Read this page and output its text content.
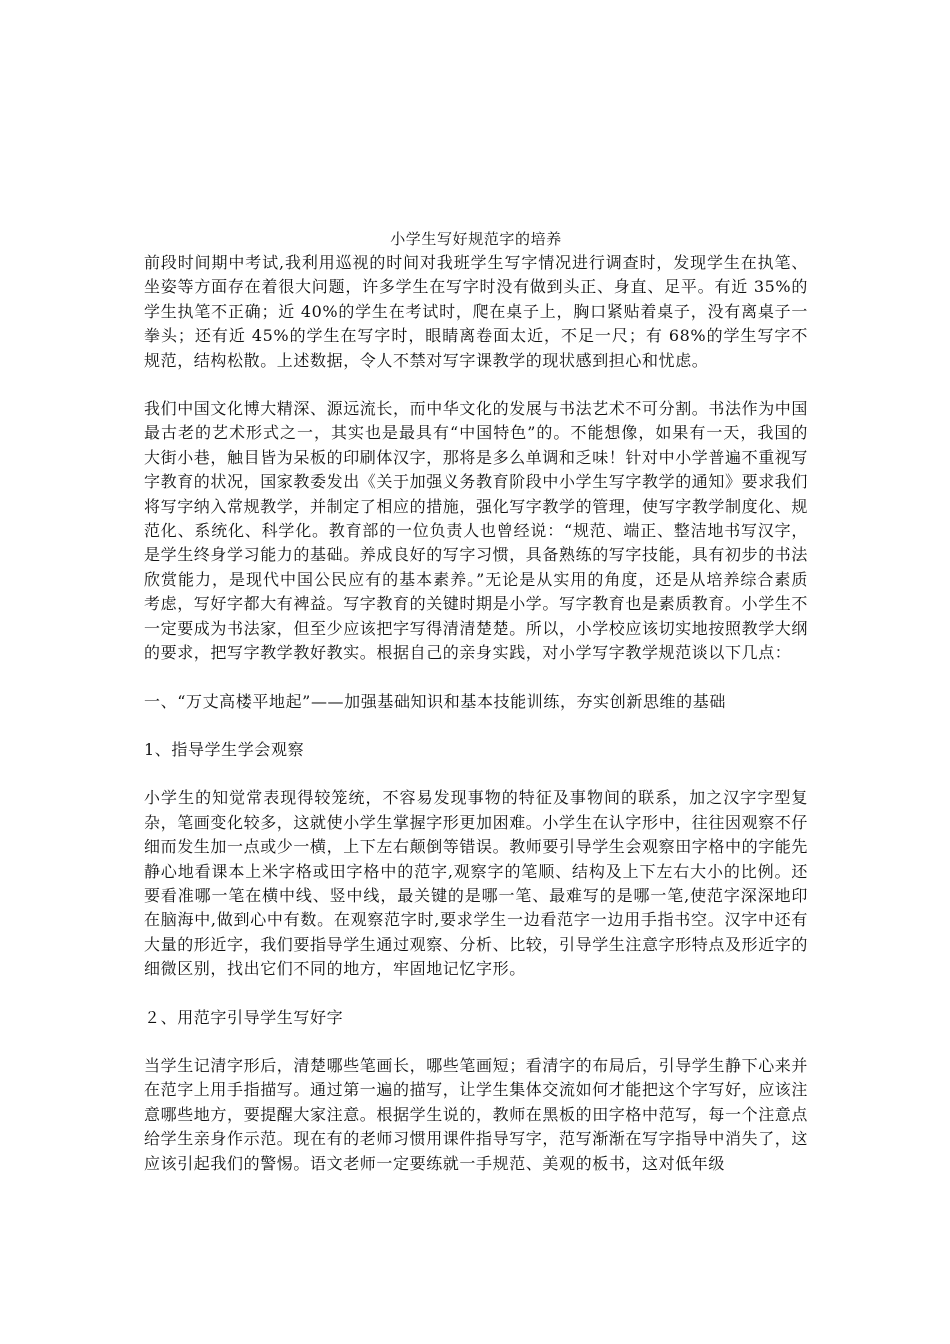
小学生写好规范字的培养

前段时间期中考试,我利用巡视的时间对我班学生写字情况进行调查时，发现学生在执笔、坐姿等方面存在着很大问题，许多学生在写字时没有做到头正、身直、足平。有近 35%的学生执笔不正确；近 40%的学生在考试时，爬在桌子上，胸口紧贴着桌子，没有离桌子一拳头；还有近 45%的学生在写字时，眼睛离卷面太近，不足一尺；有 68%的学生写字不规范，结构松散。上述数据，令人不禁对写字课教学的现状感到担心和忧虑。

我们中国文化博大精深、源远流长，而中华文化的发展与书法艺术不可分割。书法作为中国最古老的艺术形式之一，其实也是最具有“中国特色”的。不能想像，如果有一天，我国的大街小巷，触目皆为呆板的印刷体汉字，那将是多么单调和乏味！针对中小学普遍不重视写字教育的状况，国家教委发出《关于加强义务教育阶段中小学生写字教学的通知》要求我们将写字纳入常规教学，并制定了相应的措施，强化写字教学的管理，使写字教学制度化、规范化、系统化、科学化。教育部的一位负责人也曾经说：“规范、端正、整洁地书写汉字，是学生终身学习能力的基础。养成良好的写字习惯，具备熟练的写字技能，具有初步的书法欣赏能力，是现代中国公民应有的基本素养。”无论是从实用的角度，还是从培养综合素质考虑，写好字都大有裨益。写字教育的关键时期是小学。写字教育也是素质教育。小学生不一定要成为书法家，但至少应该把字写得清清楚楚。所以，小学校应该切实地按照教学大纲的要求，把写字教学教好教实。根据自己的亲身实践，对小学写字教学规范谈以下几点：

一、“万丈高楼平地起”——加强基础知识和基本技能训练，夯实创新思维的基础

1、指导学生学会观察

小学生的知觉常表现得较笼统，不容易发现事物的特征及事物间的联系，加之汉字字型复杂，笔画变化较多，这就使小学生掌握字形更加困难。小学生在认字形中，往往因观察不仔细而发生加一点或少一横，上下左右颠倒等错误。教师要引导学生会观察田字格中的字能先静心地看课本上米字格或田字格中的范字,观察字的笔顺、结构及上下左右大小的比例。还要看准哪一笔在横中线、竖中线，最关键的是哪一笔、最难写的是哪一笔,使范字深深地印在脑海中,做到心中有数。在观察范字时,要求学生一边看范字一边用手指书空。汉字中还有大量的形近字，我们要指导学生通过观察、分析、比较，引导学生注意字形特点及形近字的细微区别，找出它们不同的地方，牢固地记忆字形。

２、用范字引导学生写好字

当学生记清字形后，清楚哪些笔画长，哪些笔画短；看清字的布局后，引导学生静下心来并在范字上用手指描写。通过第一遍的描写，让学生集体交流如何才能把这个字写好，应该注意哪些地方，要提醒大家注意。根据学生说的，教师在黑板的田字格中范写，每一个注意点给学生亲身作示范。现在有的老师习惯用课件指导写字，范写渐渐在写字指导中消失了，这应该引起我们的警惕。语文老师一定要练就一手规范、美观的板书，这对低年级
